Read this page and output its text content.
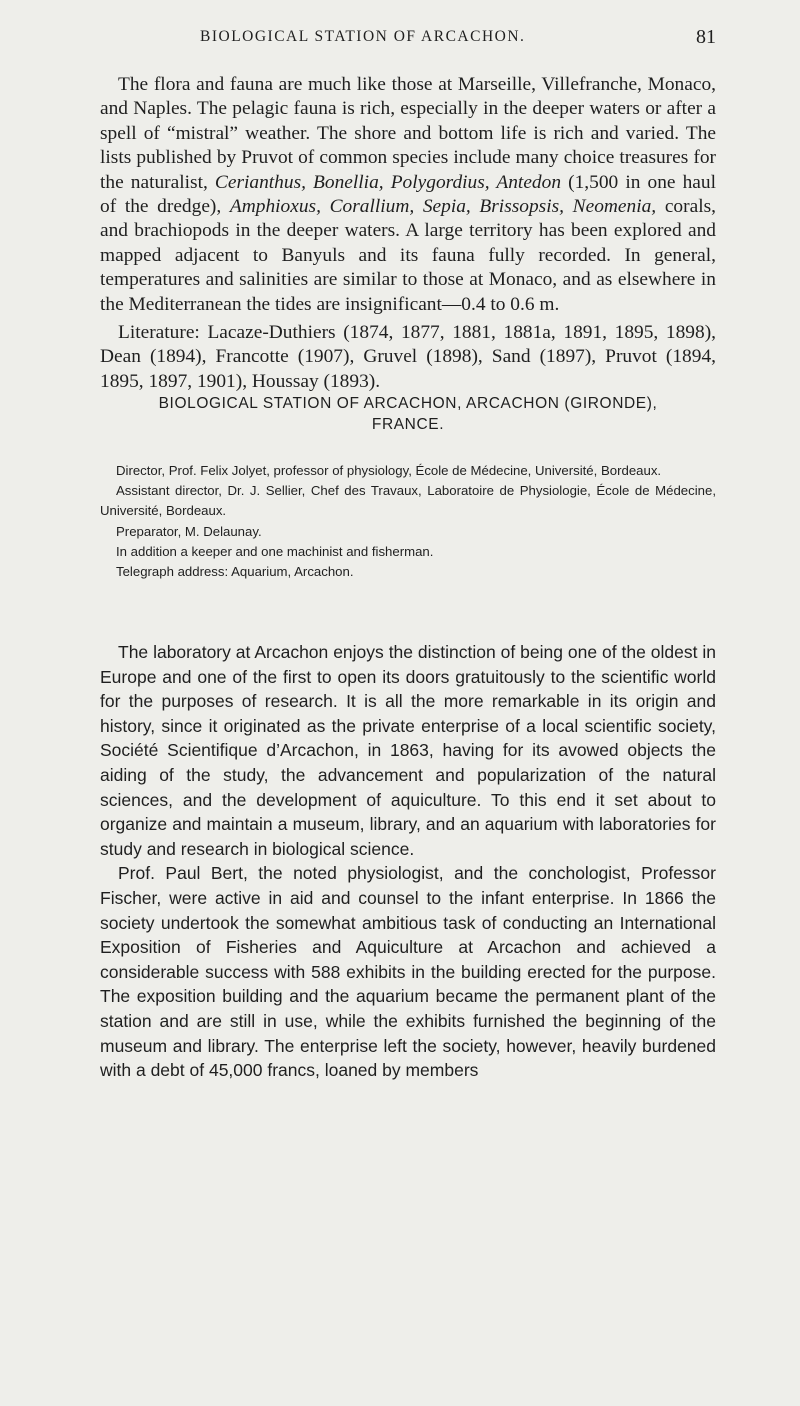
BIOLOGICAL STATION OF ARCACHON.	81

The flora and fauna are much like those at Marseille, Villefranche, Monaco, and Naples. The pelagic fauna is rich, especially in the deeper waters or after a spell of “mistral” weather. The shore and bottom life is rich and varied. The lists published by Pruvot of common species include many choice treasures for the naturalist, Cerianthus, Bonellia, Polygordius, Antedon (1,500 in one haul of the dredge), Amphioxus, Corallium, Sepia, Brissopsis, Neomenia, corals, and brachiopods in the deeper waters. A large territory has been explored and mapped adjacent to Banyuls and its fauna fully recorded. In general, temperatures and salinities are similar to those at Monaco, and as elsewhere in the Mediterranean the tides are insignificant—0.4 to 0.6 m.

Literature: Lacaze-Duthiers (1874, 1877, 1881, 1881a, 1891, 1895, 1898), Dean (1894), Francotte (1907), Gruvel (1898), Sand (1897), Pruvot (1894, 1895, 1897, 1901), Houssay (1893).

BIOLOGICAL STATION OF ARCACHON, ARCACHON (GIRONDE),
FRANCE.

Director, Prof. Felix Jolyet, professor of physiology, École de Médecine, Université, Bordeaux.

Assistant director, Dr. J. Sellier, Chef des Travaux, Laboratoire de Physiologie, École de Médecine, Université, Bordeaux.

Preparator, M. Delaunay.

In addition a keeper and one machinist and fisherman.

Telegraph address: Aquarium, Arcachon.

The laboratory at Arcachon enjoys the distinction of being one of the oldest in Europe and one of the first to open its doors gratuitously to the scientific world for the purposes of research. It is all the more remarkable in its origin and history, since it originated as the private enterprise of a local scientific society, Société Scientifique d’Arcachon, in 1863, having for its avowed objects the aiding of the study, the advancement and popularization of the natural sciences, and the development of aquiculture. To this end it set about to organize and maintain a museum, library, and an aquarium with laboratories for study and research in biological science.

Prof. Paul Bert, the noted physiologist, and the conchologist, Professor Fischer, were active in aid and counsel to the infant enterprise. In 1866 the society undertook the somewhat ambitious task of conducting an International Exposition of Fisheries and Aquiculture at Arcachon and achieved a considerable success with 588 exhibits in the building erected for the purpose. The exposition building and the aquarium became the permanent plant of the station and are still in use, while the exhibits furnished the beginning of the museum and library. The enterprise left the society, however, heavily burdened with a debt of 45,000 francs, loaned by members
